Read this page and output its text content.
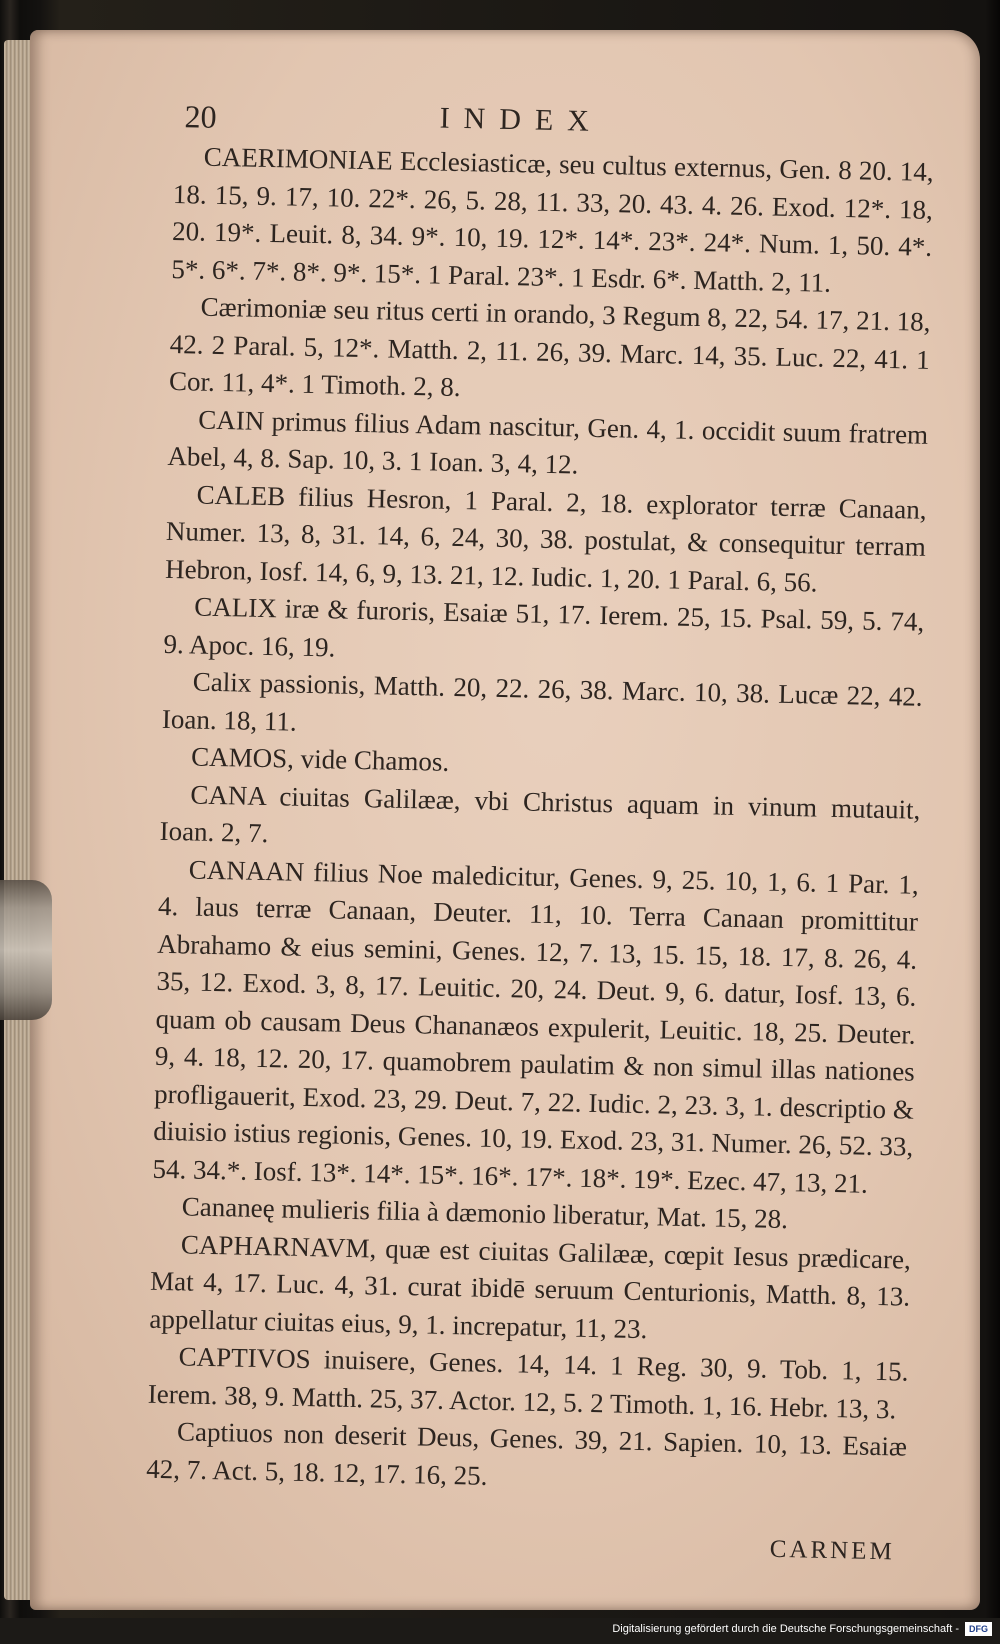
20	INDEX

CAERIMONIAE Ecclesiasticæ, seu cultus externus, Gen. 8 20. 14, 18. 15, 9. 17, 10. 22*. 26, 5. 28, 11. 33, 20. 43. 4. 26. Exod. 12*. 18, 20. 19*. Leuit. 8, 34. 9*. 10, 19. 12*. 14*. 23*. 24*. Num. 1, 50. 4*. 5*. 6*. 7*. 8*. 9*. 15*. 1 Paral. 23*. 1 Esdr. 6*. Matth. 2, 11.

Cærimoniæ seu ritus certi in orando, 3 Regum 8, 22, 54. 17, 21. 18, 42. 2 Paral. 5, 12*. Matth. 2, 11. 26, 39. Marc. 14, 35. Luc. 22, 41. 1 Cor. 11, 4*. 1 Timoth. 2, 8.

CAIN primus filius Adam nascitur, Gen. 4, 1. occidit suum fratrem Abel, 4, 8. Sap. 10, 3. 1 Ioan. 3, 4, 12.

CALEB filius Hesron, 1 Paral. 2, 18. explorator terræ Canaan, Numer. 13, 8, 31. 14, 6, 24, 30, 38. postulat, & consequitur terram Hebron, Iosf. 14, 6, 9, 13. 21, 12. Iudic. 1, 20. 1 Paral. 6, 56.

CALIX iræ & furoris, Esaiæ 51, 17. Ierem. 25, 15. Psal. 59, 5. 74, 9. Apoc. 16, 19.

Calix passionis, Matth. 20, 22. 26, 38. Marc. 10, 38. Lucæ 22, 42. Ioan. 18, 11.

CAMOS, vide Chamos.

CANA ciuitas Galilææ, vbi Christus aquam in vinum mutauit, Ioan. 2, 7.

CANAAN filius Noe maledicitur, Genes. 9, 25. 10, 1, 6. 1 Par. 1, 4. laus terræ Canaan, Deuter. 11, 10. Terra Canaan promittitur Abrahamo & eius semini, Genes. 12, 7. 13, 15. 15, 18. 17, 8. 26, 4. 35, 12. Exod. 3, 8, 17. Leuitic. 20, 24. Deut. 9, 6. datur, Iosf. 13, 6. quam ob causam Deus Chananæos expulerit, Leuitic. 18, 25. Deuter. 9, 4. 18, 12. 20, 17. quamobrem paulatim & non simul illas nationes profligauerit, Exod. 23, 29. Deut. 7, 22. Iudic. 2, 23. 3, 1. descriptio & diuisio istius regionis, Genes. 10, 19. Exod. 23, 31. Numer. 26, 52. 33, 54. 34.*. Iosf. 13*. 14*. 15*. 16*. 17*. 18*. 19*. Ezec. 47, 13, 21.

Cananeę mulieris filia à dæmonio liberatur, Mat. 15, 28.

CAPHARNAVM, quæ est ciuitas Galilææ, cœpit Iesus prædicare, Mat 4, 17. Luc. 4, 31. curat ibidē seruum Centurionis, Matth. 8, 13. appellatur ciuitas eius, 9, 1. increpatur, 11, 23.

CAPTIVOS inuisere, Genes. 14, 14. 1 Reg. 30, 9. Tob. 1, 15. Ierem. 38, 9. Matth. 25, 37. Actor. 12, 5. 2 Timoth. 1, 16. Hebr. 13, 3.

Captiuos non deserit Deus, Genes. 39, 21. Sapien. 10, 13. Esaiæ 42, 7. Act. 5, 18. 12, 17. 16, 25.

CARNEM
Digitalisierung gefördert durch die Deutsche Forschungsgemeinschaft -	DFG
